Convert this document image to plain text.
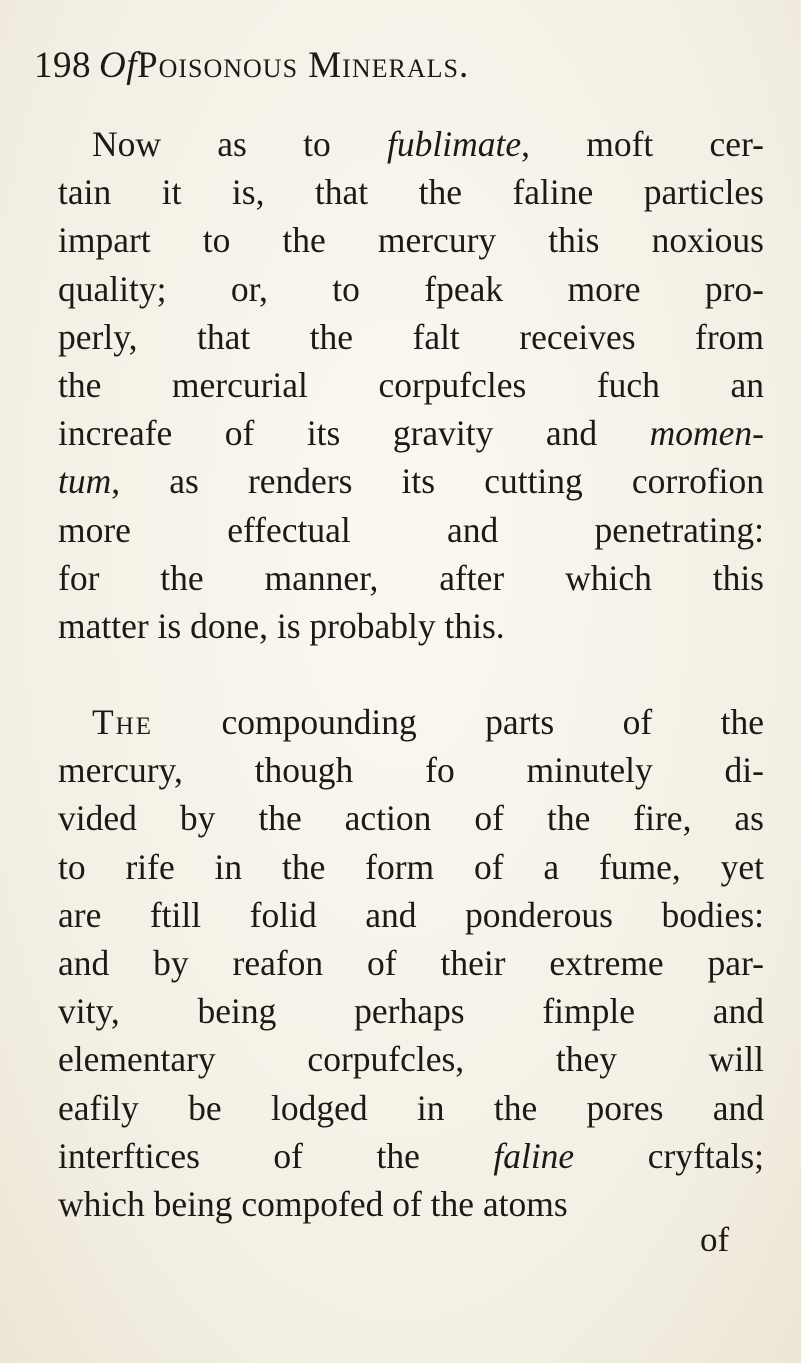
198 OfPoisonous Minerals.
Now as to fublimate, moft cer-
tain it is, that the faline particles
impart to the mercury this noxious
quality; or, to fpeak more pro-
perly, that the falt receives from
the mercurial corpufcles fuch an
increafe of its gravity and momen-
tum, as renders its cutting corrofion
more effectual and penetrating:
for the manner, after which this
matter is done, is probably this.
The compounding parts of the
mercury, though fo minutely di-
vided by the action of the fire, as
to rife in the form of a fume, yet
are ftill folid and ponderous bodies:
and by reafon of their extreme par-
vity, being perhaps fimple and
elementary corpufcles, they will
eafily be lodged in the pores and
interftices of the faline cryftals;
which being compofed of the atoms
of
